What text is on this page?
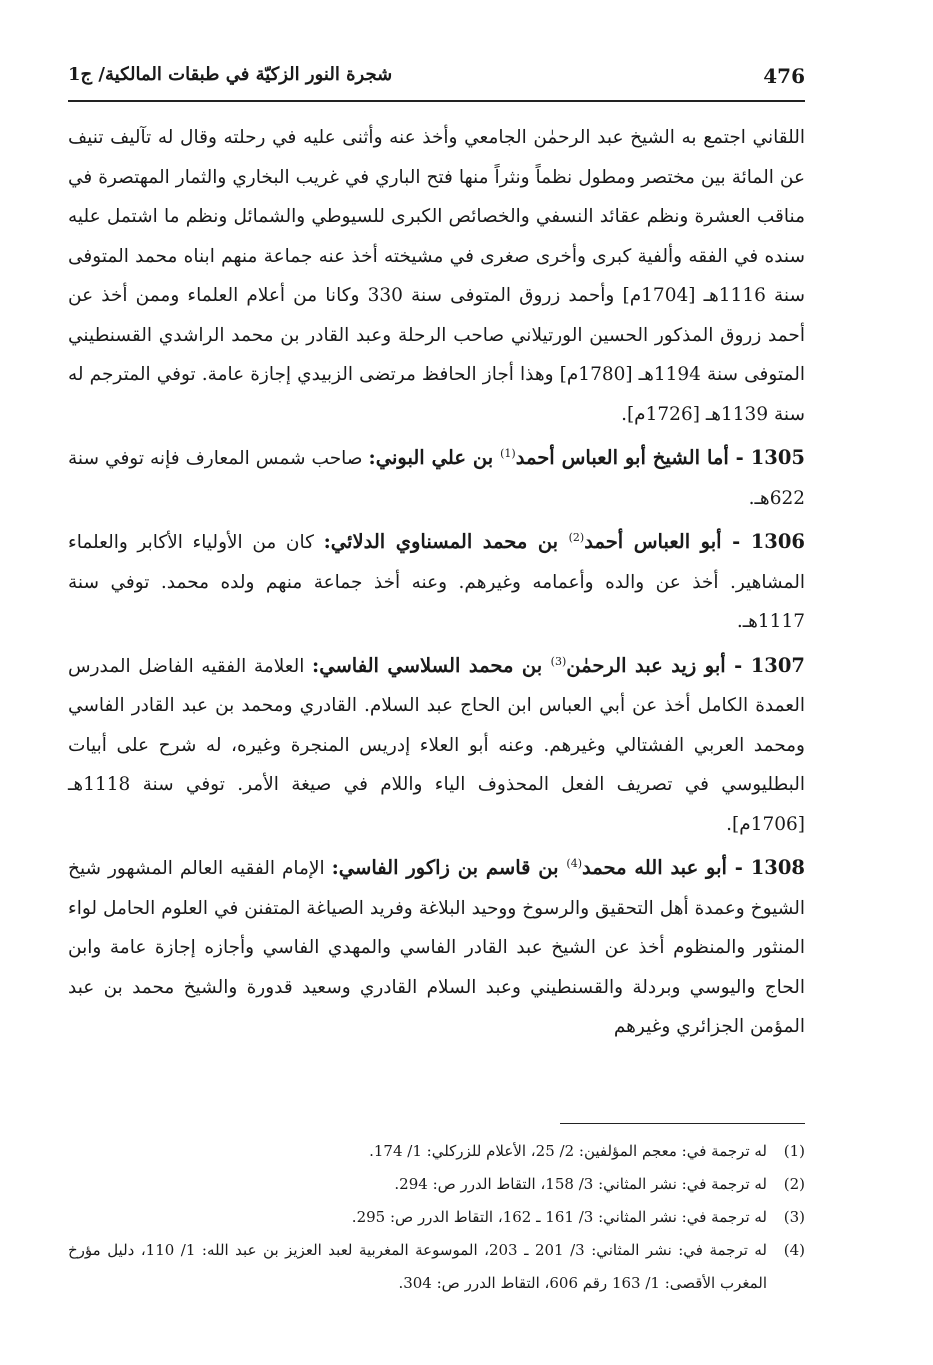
476
شجرة النور الزكيّة في طبقات المالكية/ ج1

اللقاني اجتمع به الشيخ عبد الرحمٰن الجامعي وأخذ عنه وأثنى عليه في رحلته وقال له تآليف تنيف عن المائة بين مختصر ومطول نظماً ونثراً منها فتح الباري في غريب البخاري والثمار المهتصرة في مناقب العشرة ونظم عقائد النسفي والخصائص الكبرى للسيوطي والشمائل ونظم ما اشتمل عليه سنده في الفقه وألفية كبرى وأخرى صغرى في مشيخته أخذ عنه جماعة منهم ابناه محمد المتوفى سنة 1116هـ [1704م] وأحمد زروق المتوفى سنة 330 وكانا من أعلام العلماء وممن أخذ عن أحمد زروق المذكور الحسين الورتيلاني صاحب الرحلة وعبد القادر بن محمد الراشدي القسنطيني المتوفى سنة 1194هـ [1780م] وهذا أجاز الحافظ مرتضى الزبيدي إجازة عامة. توفي المترجم له سنة 1139هـ [1726م].

1305 - أما الشيخ أبو العباس أحمد$^{(1)}$ بن علي البوني: صاحب شمس المعارف فإنه توفي سنة 622هـ.

1306 - أبو العباس أحمد$^{(2)}$ بن محمد المسناوي الدلائي: كان من الأولياء الأكابر والعلماء المشاهير. أخذ عن والده وأعمامه وغيرهم. وعنه أخذ جماعة منهم ولده محمد. توفي سنة 1117هـ.

1307 - أبو زيد عبد الرحمٰن$^{(3)}$ بن محمد السلاسي الفاسي: العلامة الفقيه الفاضل المدرس العمدة الكامل أخذ عن أبي العباس ابن الحاج عبد السلام. القادري ومحمد بن عبد القادر الفاسي ومحمد العربي الفشتالي وغيرهم. وعنه أبو العلاء إدريس المنجرة وغيره، له شرح على أبيات البطليوسي في تصريف الفعل المحذوف الياء واللام في صيغة الأمر. توفي سنة 1118هـ [1706م].

1308 - أبو عبد الله محمد$^{(4)}$ بن قاسم بن زاكور الفاسي: الإمام الفقيه العالم المشهور شيخ الشيوخ وعمدة أهل التحقيق والرسوخ ووحيد البلاغة وفريد الصياغة المتفنن في العلوم الحامل لواء المنثور والمنظوم أخذ عن الشيخ عبد القادر الفاسي والمهدي الفاسي وأجازه إجازة عامة وابن الحاج واليوسي وبردلة والقسنطيني وعبد السلام القادري وسعيد قدورة والشيخ محمد بن عبد المؤمن الجزائري وغيرهم

(1)
له ترجمة في: معجم المؤلفين: 2/ 25، الأعلام للزركلي: 1/ 174.
(2)
له ترجمة في: نشر المثاني: 3/ 158، التقاط الدرر ص: 294.
(3)
له ترجمة في: نشر المثاني: 3/ 161 ـ 162، التقاط الدرر ص: 295.
(4)
له ترجمة في: نشر المثاني: 3/ 201 ـ 203، الموسوعة المغربية لعبد العزيز بن عبد الله: 1/ 110، دليل مؤرخ المغرب الأقصى: 1/ 163 رقم 606، التقاط الدرر ص: 304.
